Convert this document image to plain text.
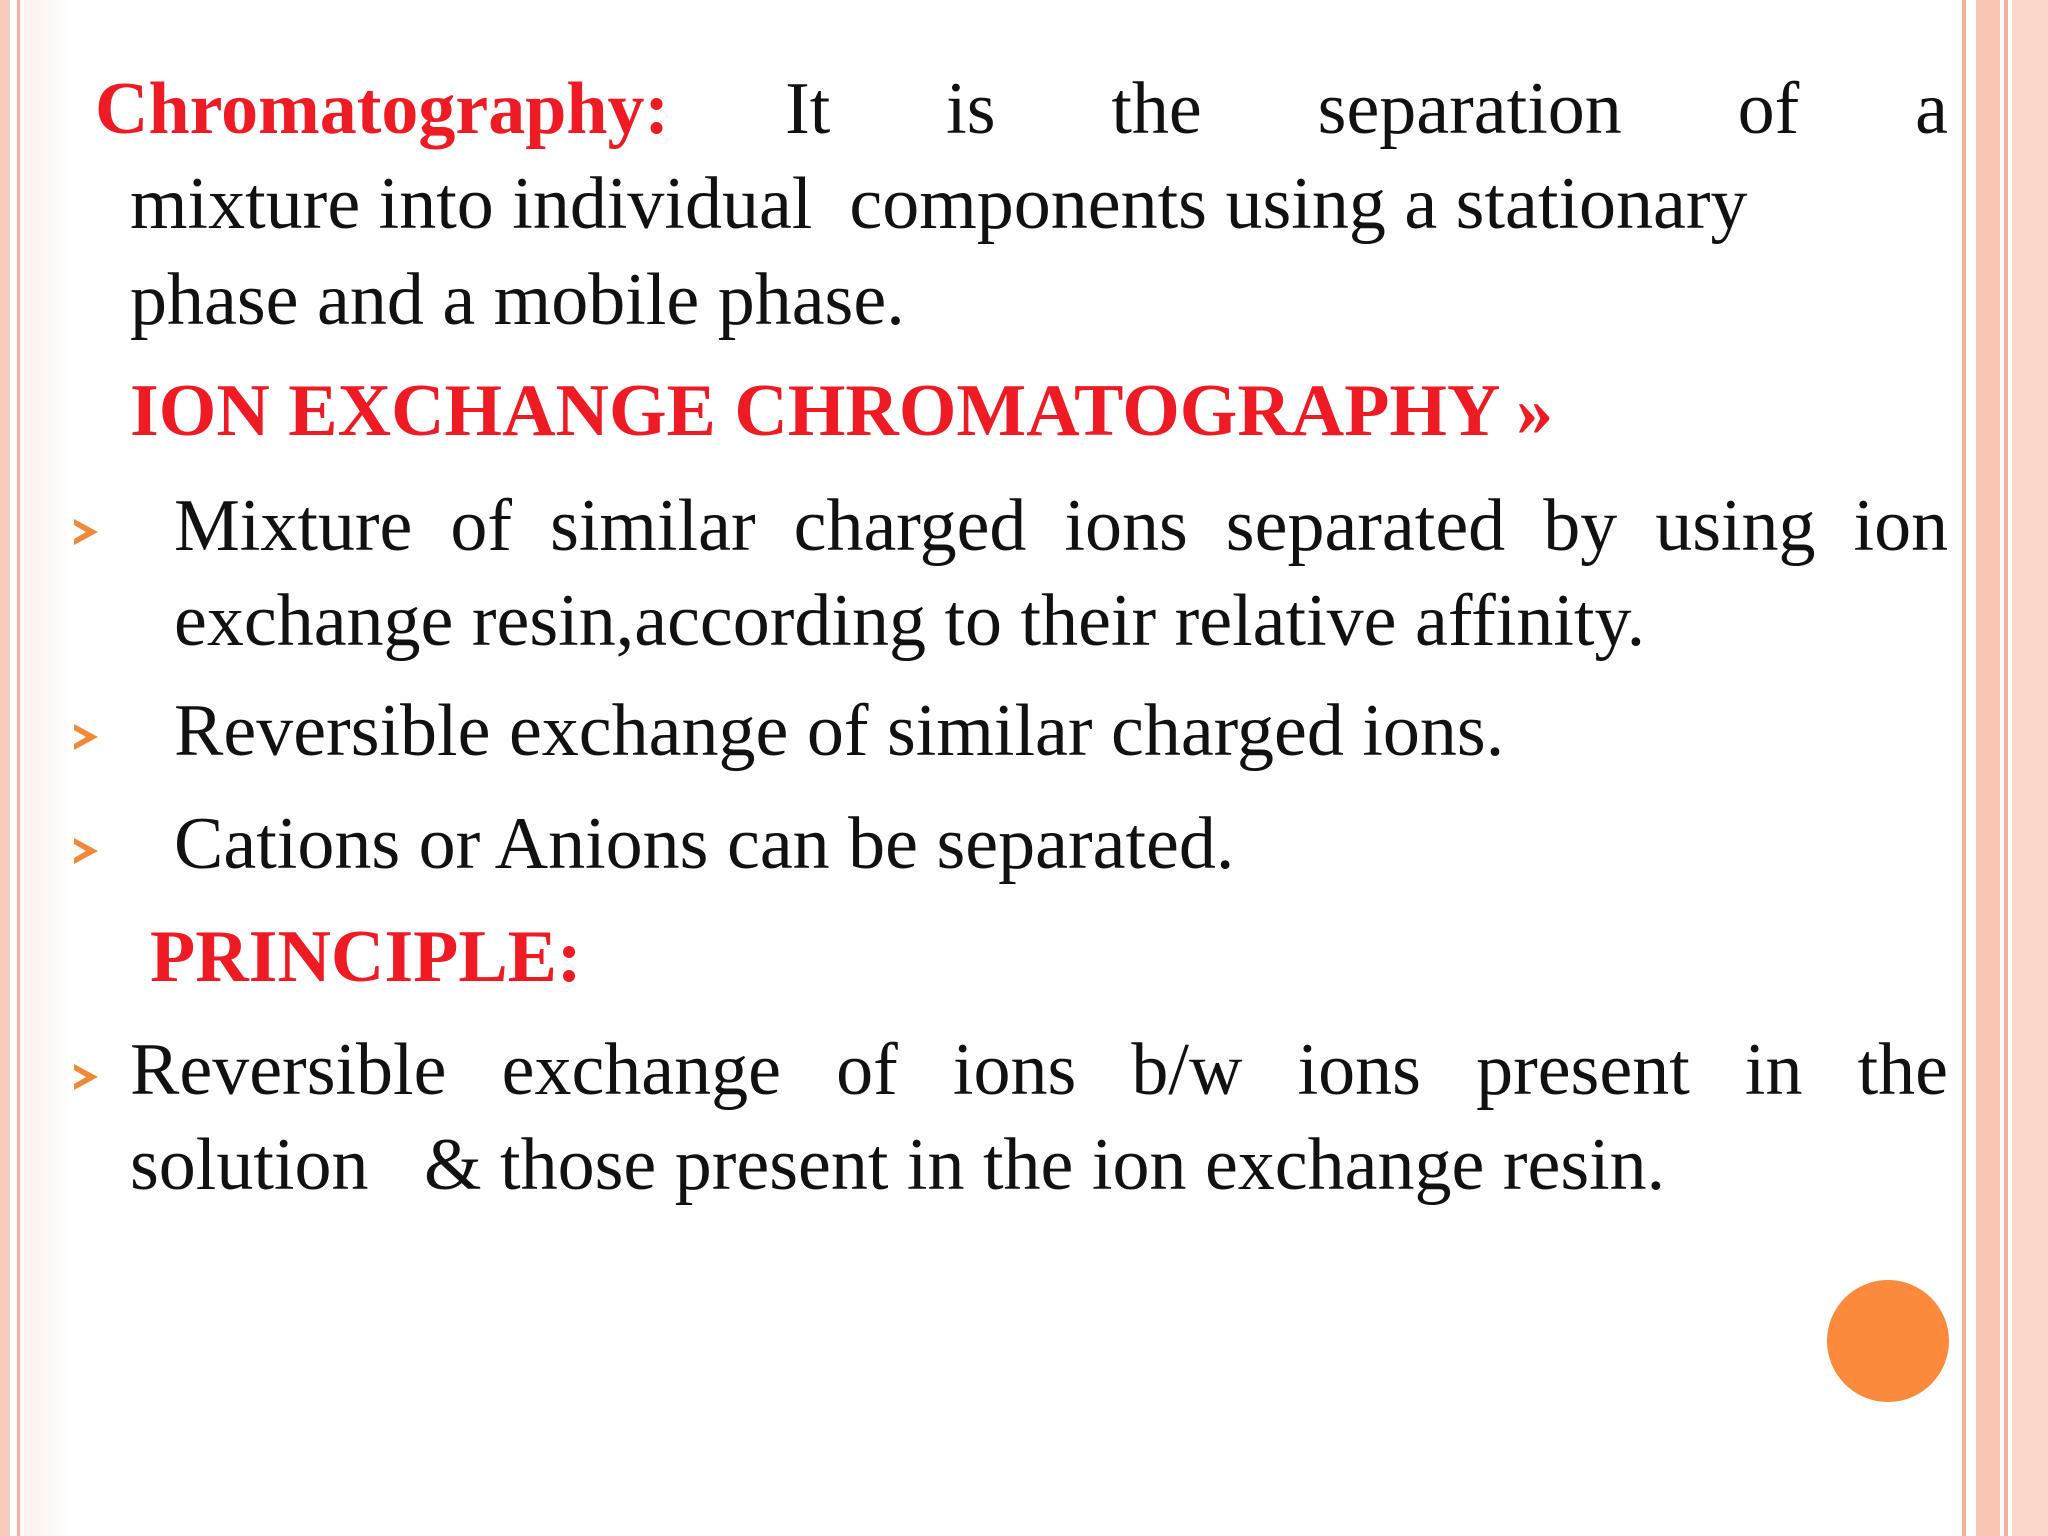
Chromatography: It is the separation of a
mixture into individual  components using a stationary
phase and a mobile phase.
ION EXCHANGE CHROMATOGRAPHY »
Mixture of similar charged ions separated by using ion
exchange resin,according to their relative affinity.
Reversible exchange of similar charged ions.
Cations or Anions can be separated.
PRINCIPLE:
Reversible exchange of ions b/w ions present in the
solution   & those present in the ion exchange resin.
